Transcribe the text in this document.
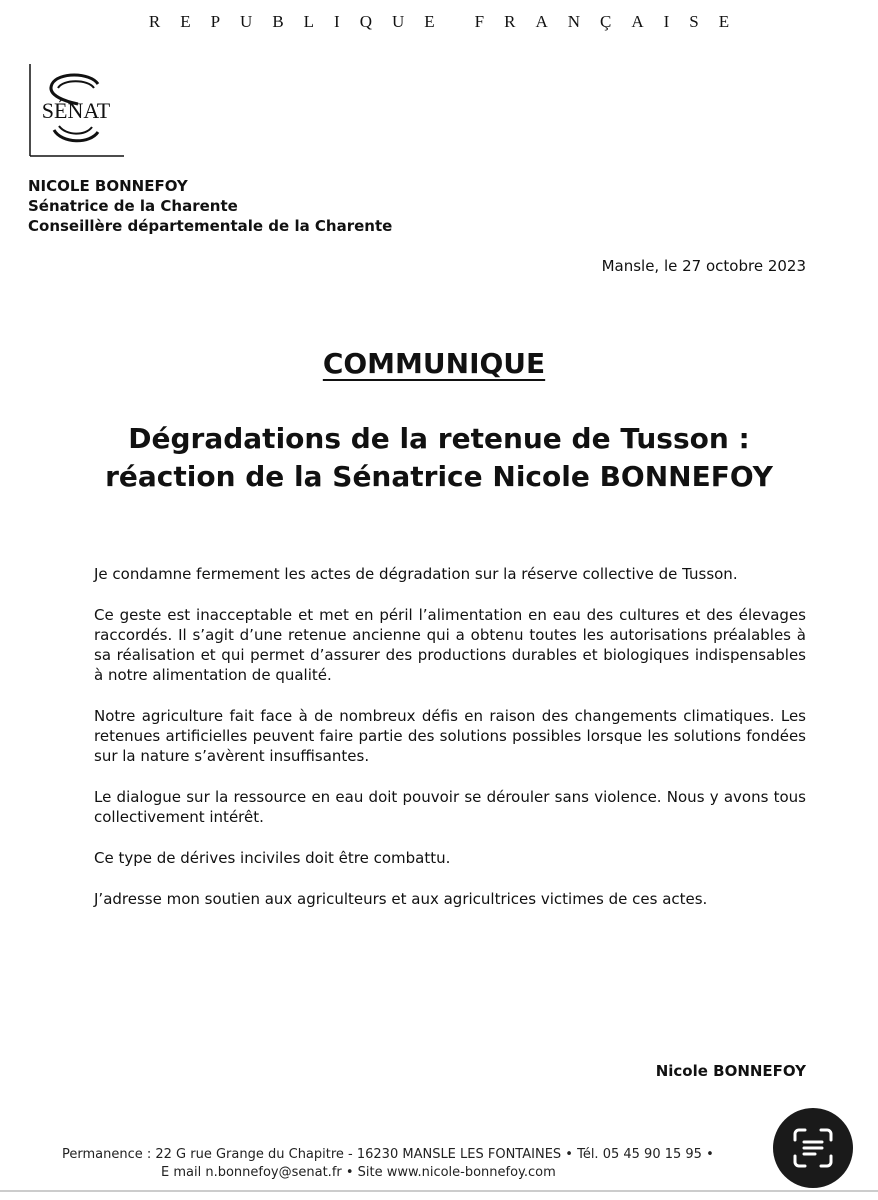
REPUBLIQUE FRANÇAISE
SÉNAT
NICOLE BONNEFOY
Sénatrice de la Charente
Conseillère départementale de la Charente
Mansle, le 27 octobre 2023
COMMUNIQUE
Dégradations de la retenue de Tusson :
réaction de la Sénatrice Nicole BONNEFOY

Je condamne fermement les actes de dégradation sur la réserve collective de Tusson.

Ce geste est inacceptable et met en péril l’alimentation en eau des cultures et des élevages raccordés. Il s’agit d’une retenue ancienne qui a obtenu toutes les autorisations préalables à sa réalisation et qui permet d’assurer des productions durables et biologiques indispensables à notre alimentation de qualité.

Notre agriculture fait face à de nombreux défis en raison des changements climatiques. Les retenues artificielles peuvent faire partie des solutions possibles lorsque les solutions fondées sur la nature s’avèrent insuffisantes.

Le dialogue sur la ressource en eau doit pouvoir se dérouler sans violence. Nous y avons tous collectivement intérêt.

Ce type de dérives inciviles doit être combattu.

J’adresse mon soutien aux agriculteurs et aux agricultrices victimes de ces actes.

Nicole BONNEFOY
Permanence : 22 G rue Grange du Chapitre - 16230 MANSLE LES FONTAINES • Tél. 05 45 90 15 95 •
E mail n.bonnefoy@senat.fr • Site www.nicole-bonnefoy.com
